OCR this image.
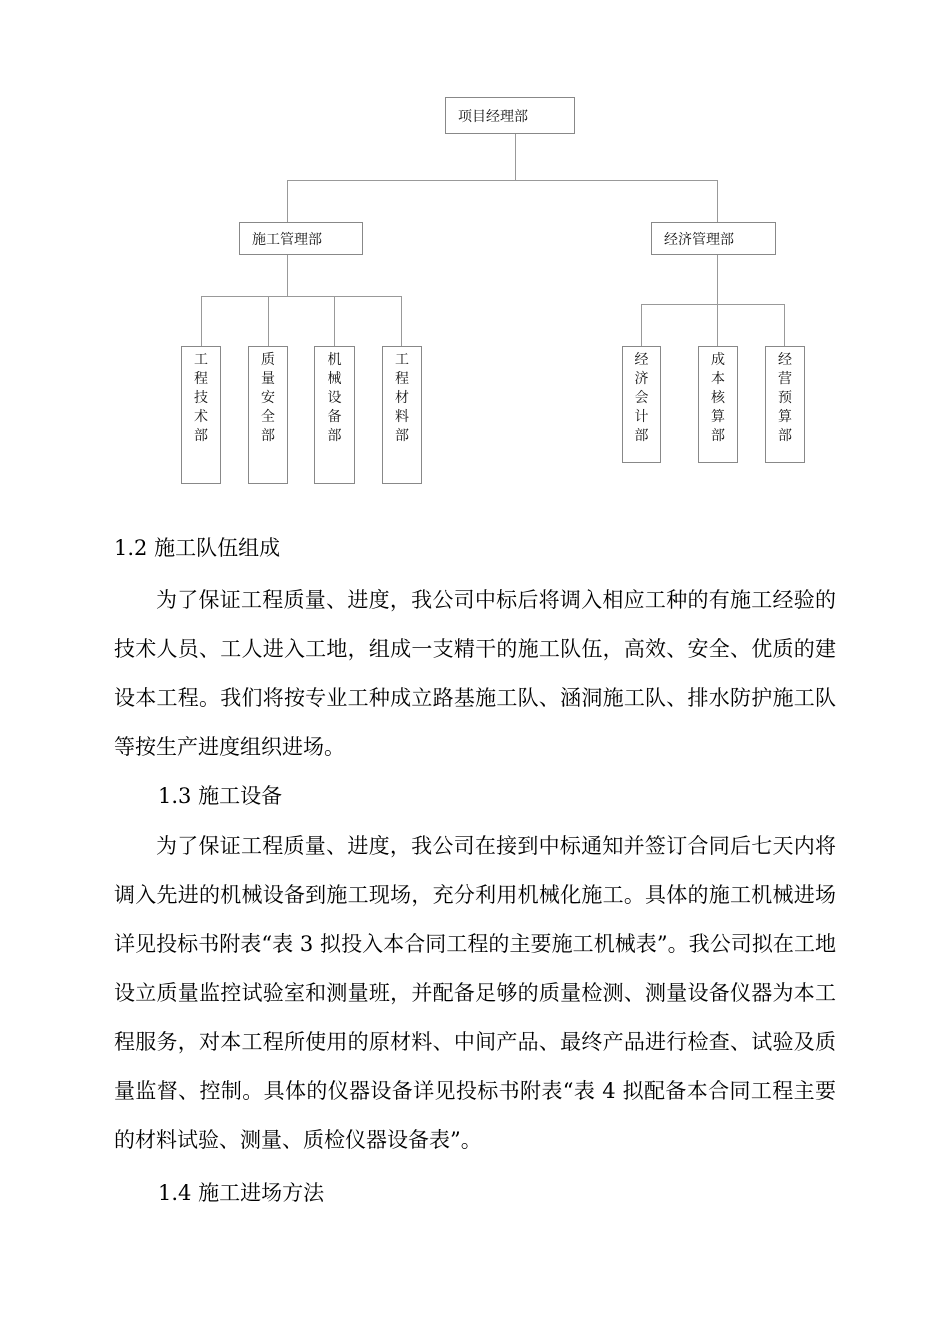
项目经理部
施工管理部	经济管理部
工
程
技
术
部
质
量
安
全
部
机
械
设
备
部
工
程
材
料
部
经
济
会
计
部
成
本
核
算
部
经
营
预
算
部
1.2 施工队伍组成
为了保证工程质量、进度，我公司中标后将调入相应工种的有施工经验的技术人员、工人进入工地，组成一支精干的施工队伍，高效、安全、优质的建设本工程。我们将按专业工种成立路基施工队、涵洞施工队、排水防护施工队等按生产进度组织进场。
1.3 施工设备
为了保证工程质量、进度，我公司在接到中标通知并签订合同后七天内将调入先进的机械设备到施工现场，充分利用机械化施工。具体的施工机械进场详见投标书附表“表 3 拟投入本合同工程的主要施工机械表”。我公司拟在工地设立质量监控试验室和测量班，并配备足够的质量检测、测量设备仪器为本工程服务，对本工程所使用的原材料、中间产品、最终产品进行检查、试验及质量监督、控制。具体的仪器设备详见投标书附表“表 4 拟配备本合同工程主要的材料试验、测量、质检仪器设备表”。
1.4 施工进场方法
